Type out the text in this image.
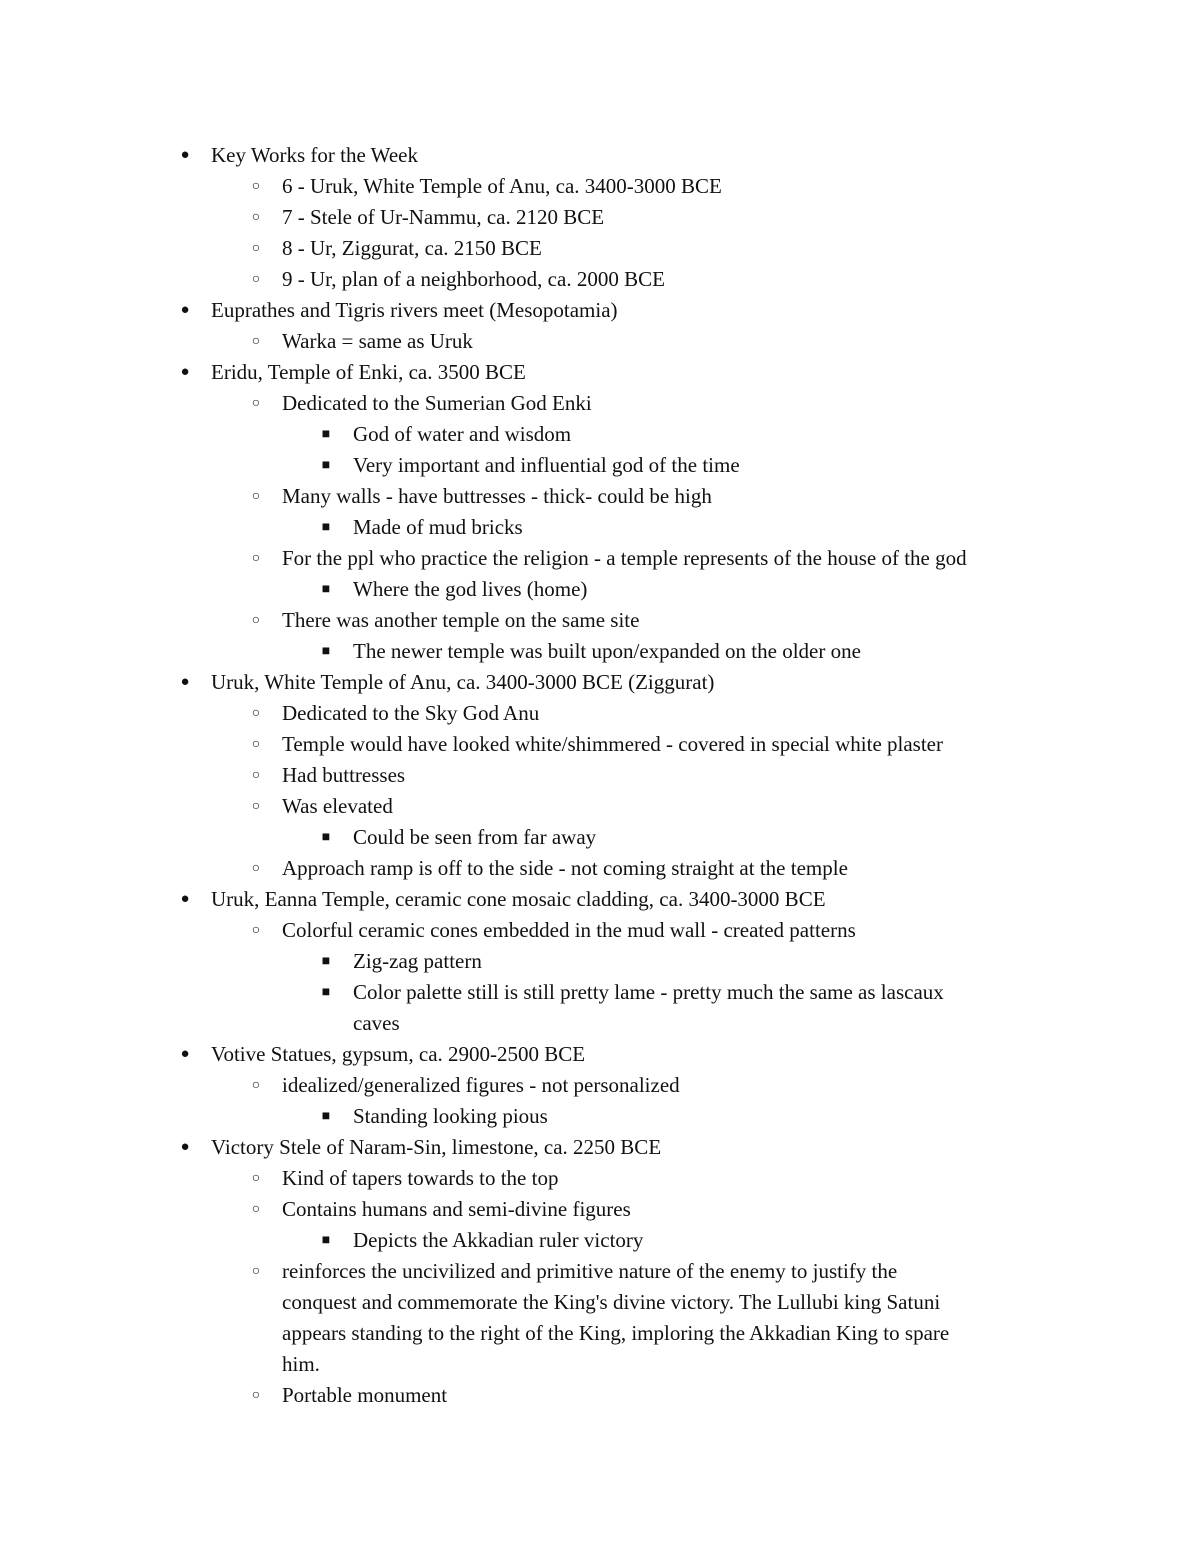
● Key Works for the Week
○ 6 - Uruk, White Temple of Anu, ca. 3400-3000 BCE
○ 7 - Stele of Ur-Nammu, ca. 2120 BCE
○ 8 - Ur, Ziggurat, ca. 2150 BCE
○ 9 - Ur, plan of a neighborhood, ca. 2000 BCE
● Euprathes and Tigris rivers meet (Mesopotamia)
○ Warka = same as Uruk
● Eridu, Temple of Enki, ca. 3500 BCE
○ Dedicated to the Sumerian God Enki
■ God of water and wisdom
■ Very important and influential god of the time
○ Many walls - have buttresses - thick- could be high
■ Made of mud bricks
○ For the ppl who practice the religion - a temple represents of the house of the god
■ Where the god lives (home)
○ There was another temple on the same site
■ The newer temple was built upon/expanded on the older one
● Uruk, White Temple of Anu, ca. 3400-3000 BCE (Ziggurat)
○ Dedicated to the Sky God Anu
○ Temple would have looked white/shimmered - covered in special white plaster
○ Had buttresses
○ Was elevated
■ Could be seen from far away
○ Approach ramp is off to the side - not coming straight at the temple
● Uruk, Eanna Temple, ceramic cone mosaic cladding, ca. 3400-3000 BCE
○ Colorful ceramic cones embedded in the mud wall - created patterns
■ Zig-zag pattern
■ Color palette still is still pretty lame - pretty much the same as lascaux
caves
● Votive Statues, gypsum, ca. 2900-2500 BCE
○ idealized/generalized figures - not personalized
■ Standing looking pious
● Victory Stele of Naram-Sin, limestone, ca. 2250 BCE
○ Kind of tapers towards to the top
○ Contains humans and semi-divine figures
■ Depicts the Akkadian ruler victory
○ reinforces the uncivilized and primitive nature of the enemy to justify the
conquest and commemorate the King's divine victory. The Lullubi king Satuni
appears standing to the right of the King, imploring the Akkadian King to spare
him.
○ Portable monument
